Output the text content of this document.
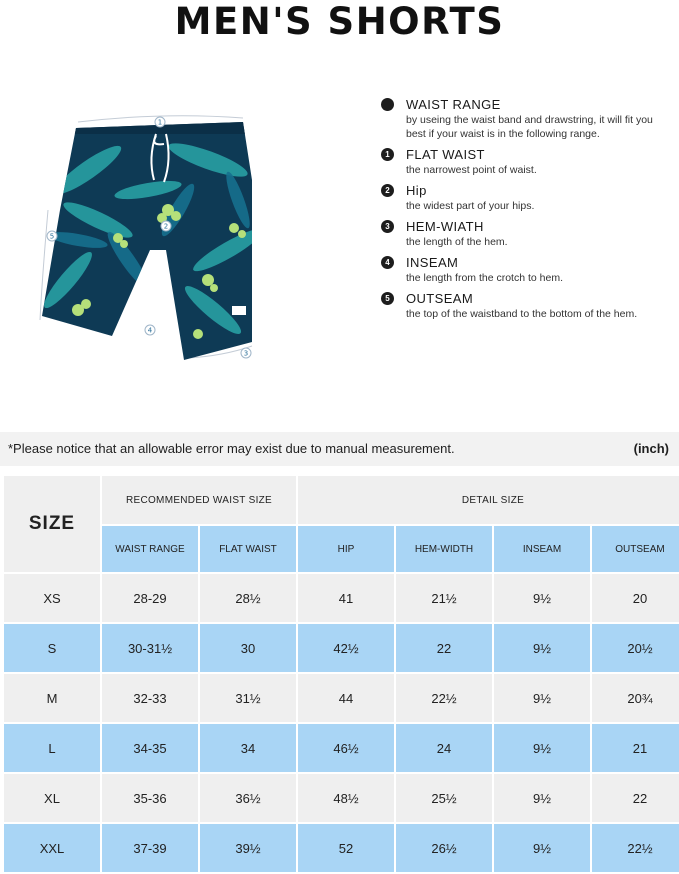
MEN'S SHORTS
1
2
3
4
5
WAIST RANGE
by useing the waist band and drawstring, it will fit you best if your waist is in the following range.
1	FLAT WAIST
the narrowest point of waist.
2	Hip
the widest part of your hips.
3	HEM-WIATH
the length of the hem.
4	INSEAM
the length from the crotch to hem.
5	OUTSEAM
the top of the waistband to the bottom of the hem.
*Please notice that an allowable error may exist due to manual measurement.	(inch)
SIZE	RECOMMENDED WAIST SIZE		DETAIL SIZE			
	WAIST RANGE	FLAT WAIST	HIP	HEM-WIDTH	INSEAM	OUTSEAM
XS	28-29	28½	41	21½	9½	20
S	30-31½	30	42½	22	9½	20½
M	32-33	31½	44	22½	9½	20¾
L	34-35	34	46½	24	9½	21
XL	35-36	36½	48½	25½	9½	22
XXL	37-39	39½	52	26½	9½	22½
